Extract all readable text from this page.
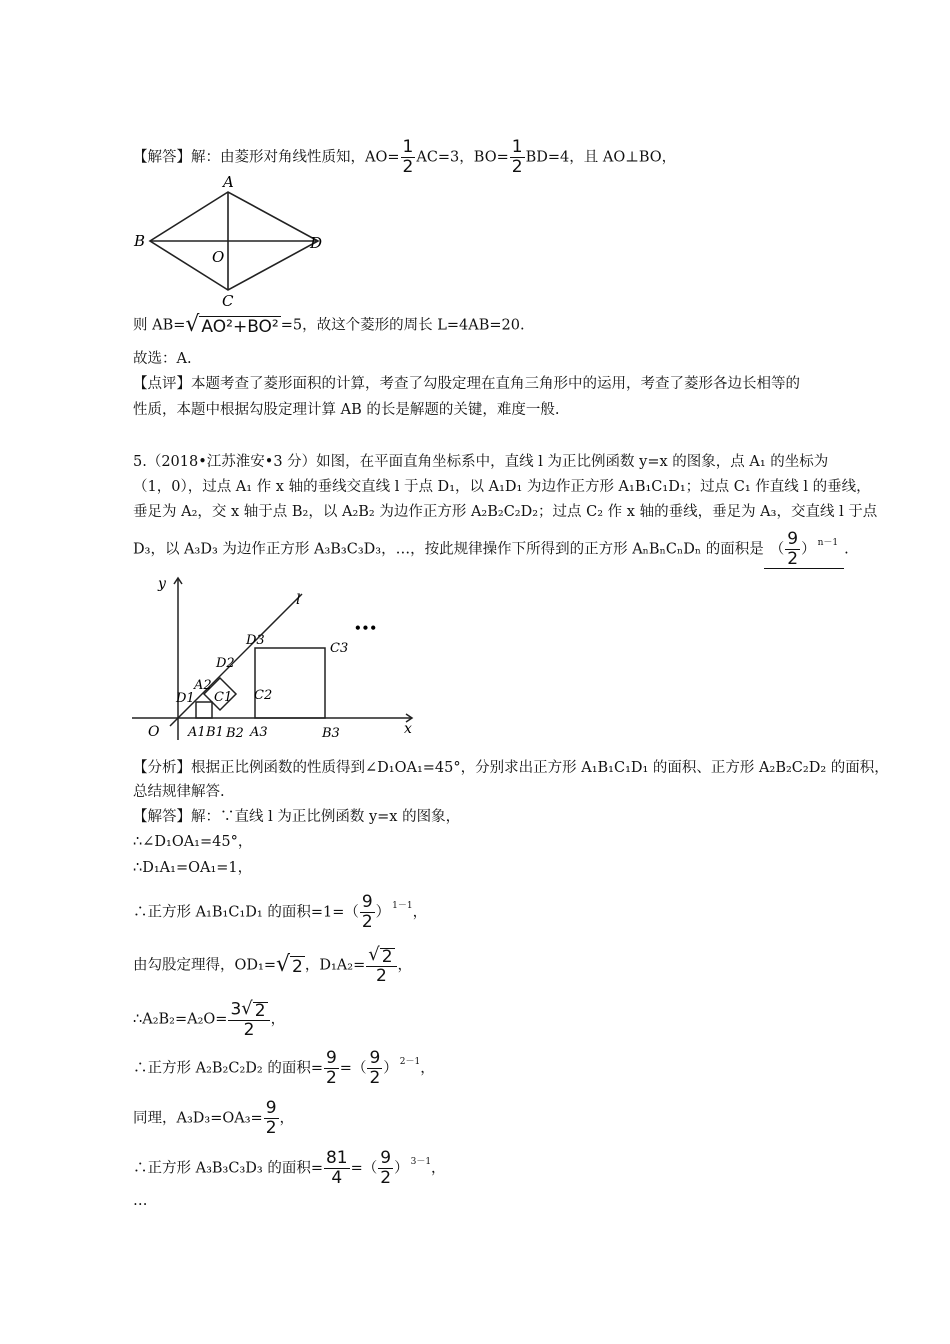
【解答】解：由菱形对角线性质知，$AO= \frac{1}{2} AC=3$，$BO= \frac{1}{2} BD=4$，且 AO⊥BO，
A
B	D
C
O
则 AB= √ AO²+BO² =5，故这个菱形的周长 L=4AB=20.
故选：A.
【点评】本题考查了菱形面积的计算，考查了勾股定理在直角三角形中的运用，考查了菱形各边长相等的
性质，本题中根据勾股定理计算 AB 的长是解题的关键，难度一般.
5.（2018•江苏淮安•3 分）如图，在平面直角坐标系中，直线 l 为正比例函数 y=x 的图象，点 A₁ 的坐标为
（1，0），过点 A₁ 作 x 轴的垂线交直线 l 于点 D₁，以 A₁D₁ 为边作正方形 A₁B₁C₁D₁；过点 C₁ 作直线 l 的垂线，
垂足为 A₂，交 x 轴于点 B₂，以 A₂B₂ 为边作正方形 A₂B₂C₂D₂；过点 C₂ 作 x 轴的垂线，垂足为 A₃，交直线 l 于点
D₃，以 A₃D₃ 为边作正方形 A₃B₃C₃D₃，…，按此规律操作下所得到的正方形 AₙBₙCₙDₙ 的面积是 （ $\frac{9}{2}$ ） $^{n-1}$ .
y
x
l
O
•••
D1
A2
C1
D2
C2
D3
C3
A1 B1 B2 A3	B3
【分析】根据正比例函数的性质得到∠D₁OA₁=45°，分别求出正方形 A₁B₁C₁D₁ 的面积、正方形 A₂B₂C₂D₂ 的面积，
总结规律解答.
【解答】解：∵直线 l 为正比例函数 y=x 的图象，
∴∠D₁OA₁=45°，
∴D₁A₁=OA₁=1，
∴正方形 A₁B₁C₁D₁ 的面积$=1=( \frac{9}{2}$ ） $^{1-1}$，
由勾股定理得，OD₁= √ 2 ，$D_1A_2= \frac{√ 2}{2}$ ，
∴A₂B₂=A₂O= $\frac{3 √ 2}{2}$ ，
∴正方形 A₂B₂C₂D₂ 的面积= $\frac{9}{2}$ =（ $\frac{9}{2}$ ） $^{2-1}$，
同理，$A_3D_3=OA_3= \frac{9}{2}$ ，
∴正方形 A₃B₃C₃D₃ 的面积= $\frac{81}{4}$ =（ $\frac{9}{2}$ ） $^{3-1}$，
…
